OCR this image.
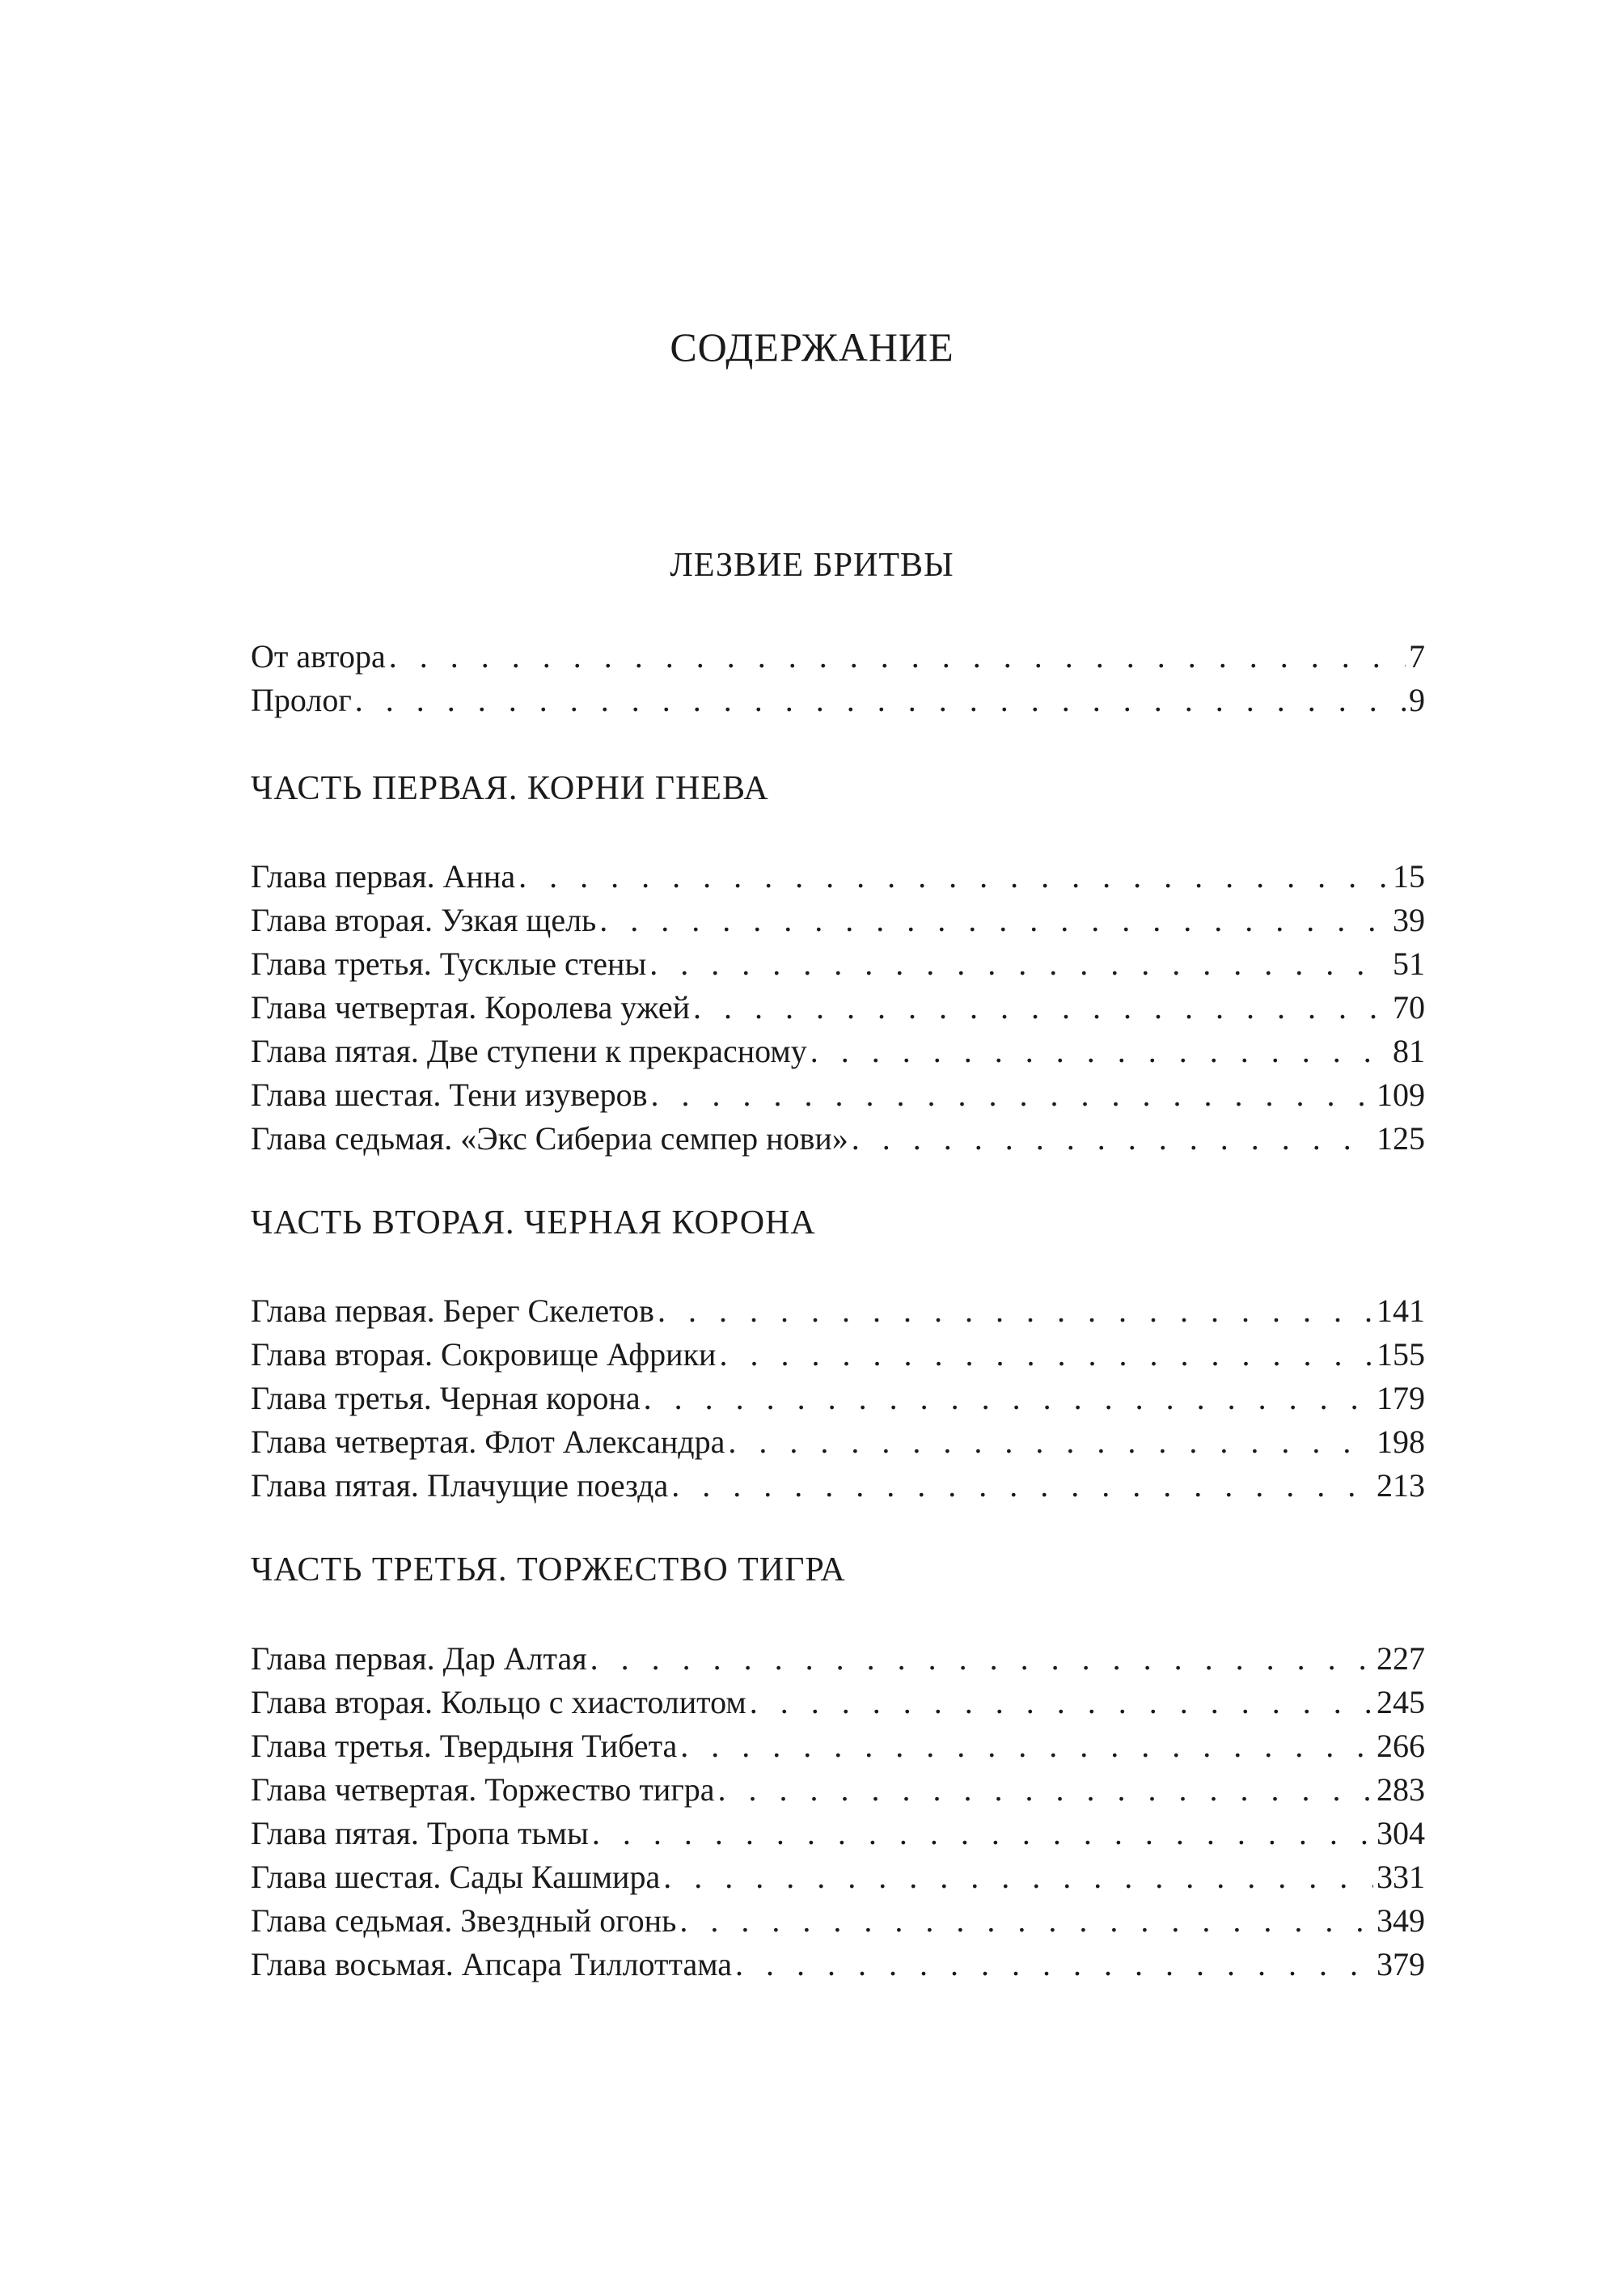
СОДЕРЖАНИЕ
ЛЕЗВИЕ БРИТВЫ
От автора . . .	7
Пролог . . .	9
ЧАСТЬ ПЕРВАЯ. КОРНИ ГНЕВА
Глава первая. Анна . . .	15
Глава вторая. Узкая щель . . .	39
Глава третья. Тусклые стены . . .	51
Глава четвертая. Королева ужей . . .	70
Глава пятая. Две ступени к прекрасному . . .	81
Глава шестая. Тени изуверов . . .	109
Глава седьмая. «Экс Сибериа семпер нови» . . .	125
ЧАСТЬ ВТОРАЯ. ЧЕРНАЯ КОРОНА
Глава первая. Берег Скелетов . . .	141
Глава вторая. Сокровище Африки . . .	155
Глава третья. Черная корона . . .	179
Глава четвертая. Флот Александра . . .	198
Глава пятая. Плачущие поезда . . .	213
ЧАСТЬ ТРЕТЬЯ. ТОРЖЕСТВО ТИГРА
Глава первая. Дар Алтая . . .	227
Глава вторая. Кольцо с хиастолитом . . .	245
Глава третья. Твердыня Тибета . . .	266
Глава четвертая. Торжество тигра . . .	283
Глава пятая. Тропа тьмы . . .	304
Глава шестая. Сады Кашмира . . .	331
Глава седьмая. Звездный огонь . . .	349
Глава восьмая. Апсара Тиллоттама . . .	379
